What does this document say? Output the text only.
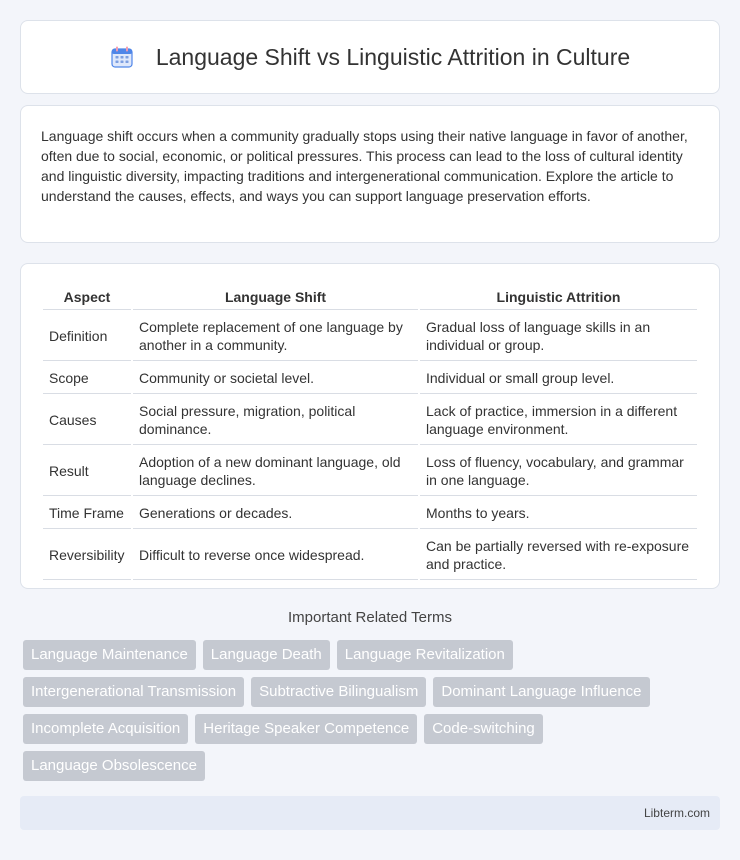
Language Shift vs Linguistic Attrition in Culture

Language shift occurs when a community gradually stops using their native language in favor of another, often due to social, economic, or political pressures. This process can lead to the loss of cultural identity and linguistic diversity, impacting traditions and intergenerational communication. Explore the article to understand the causes, effects, and ways you can support language preservation efforts.

Aspect	Language Shift	Linguistic Attrition
Definition	Complete replacement of one language by another in a community.	Gradual loss of language skills in an individual or group.
Scope	Community or societal level.	Individual or small group level.
Causes	Social pressure, migration, political dominance.	Lack of practice, immersion in a different language environment.
Result	Adoption of a new dominant language, old language declines.	Loss of fluency, vocabulary, and grammar in one language.
Time Frame	Generations or decades.	Months to years.
Reversibility	Difficult to reverse once widespread.	Can be partially reversed with re-exposure and practice.
Important Related Terms
Language Maintenance	Language Death	Language Revitalization
Intergenerational Transmission	Subtractive Bilingualism	Dominant Language Influence
Incomplete Acquisition	Heritage Speaker Competence	Code-switching
Language Obsolescence
Libterm.com
